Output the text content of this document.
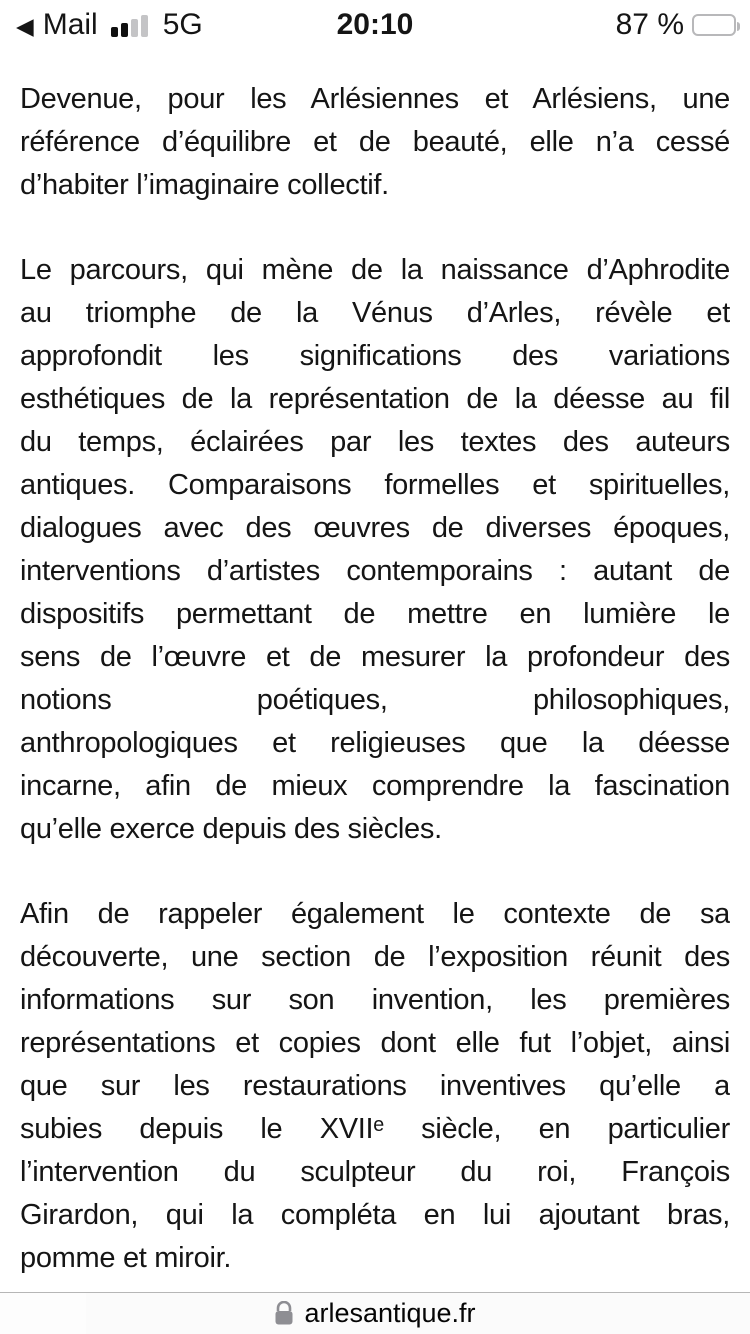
◀ Mail 5G	20:10	87 %
Devenue, pour les Arlésiennes et Arlésiens, une
référence d’équilibre et de beauté, elle n’a cessé
d’habiter l’imaginaire collectif.
Le parcours, qui mène de la naissance d’Aphrodite
au triomphe de la Vénus d’Arles, révèle et
approfondit les significations des variations
esthétiques de la représentation de la déesse au fil
du temps, éclairées par les textes des auteurs
antiques. Comparaisons formelles et spirituelles,
dialogues avec des œuvres de diverses époques,
interventions d’artistes contemporains : autant de
dispositifs permettant de mettre en lumière le
sens de l’œuvre et de mesurer la profondeur des
notions poétiques, philosophiques,
anthropologiques et religieuses que la déesse
incarne, afin de mieux comprendre la fascination
qu’elle exerce depuis des siècles.
Afin de rappeler également le contexte de sa
découverte, une section de l’exposition réunit des
informations sur son invention, les premières
représentations et copies dont elle fut l’objet, ainsi
que sur les restaurations inventives qu’elle a
subies depuis le XVIIᵉ siècle, en particulier
l’intervention du sculpteur du roi, François
Girardon, qui la compléta en lui ajoutant bras,
pomme et miroir.
arlesantique.fr
